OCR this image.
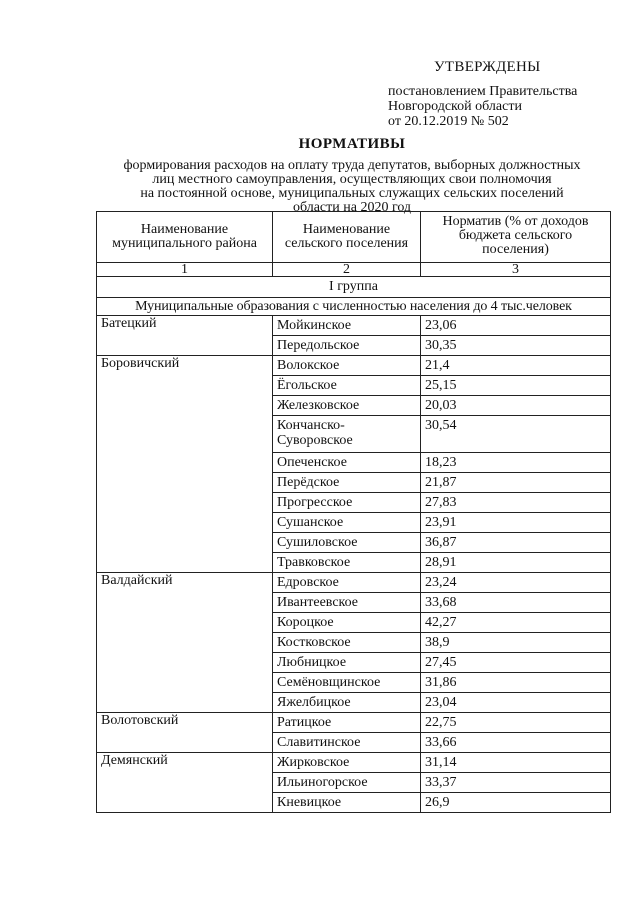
УТВЕРЖДЕНЫ
постановлением Правительства
Новгородской области
от 20.12.2019 № 502
НОРМАТИВЫ
формирования расходов на оплату труда депутатов, выборных должностных
лиц местного самоуправления, осуществляющих свои полномочия
на постоянной основе, муниципальных служащих сельских поселений
области на 2020 год
Наименование муниципального района	Наименование сельского поселения	Норматив (% от доходов бюджета сельского поселения)
1	2	3
I группа		
Муниципальные образования с численностью населения до 4 тыс.человек		
Батецкий	Мойкинское	23,06
	Передольское	30,35
Боровичский	Волокское	21,4
	Ёгольское	25,15
	Железковское	20,03
	Кончанско-Суворовское	30,54
	Опеченское	18,23
	Перёдское	21,87
	Прогресское	27,83
	Сушанское	23,91
	Сушиловское	36,87
	Травковское	28,91
Валдайский	Едровское	23,24
	Ивантеевское	33,68
	Короцкое	42,27
	Костковское	38,9
	Любницкое	27,45
	Семёновщинское	31,86
	Яжелбицкое	23,04
Волотовский	Ратицкое	22,75
	Славитинское	33,66
Демянский	Жирковское	31,14
	Ильиногорское	33,37
	Кневицкое	26,9
